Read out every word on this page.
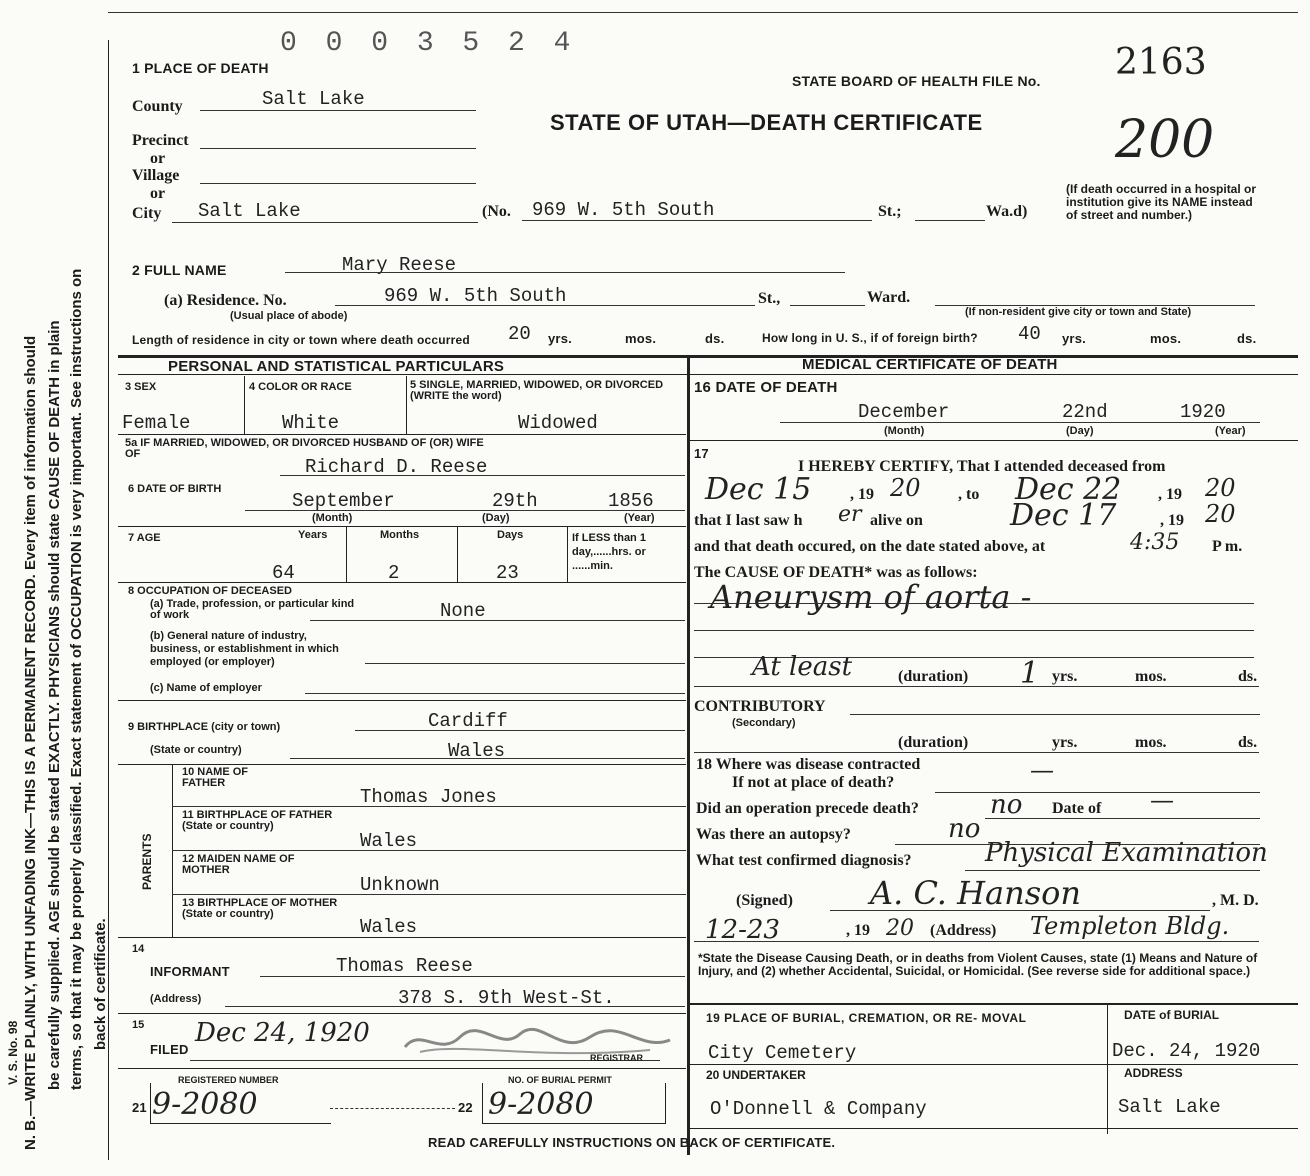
N. B.—WRITE PLAINLY, WITH UNFADING INK—THIS IS A PERMANENT RECORD. Every item of information should be carefully supplied. AGE should be stated EXACTLY. PHYSICIANS should state CAUSE OF DEATH in plain terms, so that it may be properly classified. Exact statement of OCCUPATION is very important. See instructions on back of certificate.
V. S. No. 98
0 0 0 3 5 2 4
1 PLACE OF DEATH
STATE BOARD OF HEALTH FILE No. 2163
STATE OF UTAH—DEATH CERTIFICATE	200
County	Salt Lake
Precinct
or
Village
or
City Salt Lake	(No. 969 W. 5th South	St.;	Wa.d)
(If death occurred in a hospital or institution give its NAME instead of street and number.)
2 FULL NAME	Mary Reese
(a) Residence. No.
(Usual place of abode)
969 W. 5th South	St.,	Ward.
(If non-resident give city or town and State)
Length of residence in city or town where death occurred 20 yrs.	mos.	ds.	How long in U. S., if of foreign birth? 40 yrs.	mos.	ds.
PERSONAL AND STATISTICAL PARTICULARS	MEDICAL CERTIFICATE OF DEATH
3 SEX
Female
4 COLOR OR RACE
White
5 SINGLE, MARRIED, WIDOWED, OR DIVORCED (WRITE the word)
Widowed
5a IF MARRIED, WIDOWED, OR DIVORCED HUSBAND OF (OR) WIFE OF
Richard D. Reese
6 DATE OF BIRTH
September	29th	1856
(Month)	(Day)	(Year)
7 AGE	Years	Months	Days
64	2	23
If LESS than 1 day,......hrs. or ......min.
8 OCCUPATION OF DECEASED
(a) Trade, profession, or particular kind of work	None
(b) General nature of industry, business, or establishment in which employed (or employer)
(c) Name of employer
9 BIRTHPLACE (city or town)	Cardiff
(State or country)	Wales
PARENTS
10 NAME OF FATHER
Thomas Jones
11 BIRTHPLACE OF FATHER (State or country)
Wales
12 MAIDEN NAME OF MOTHER
Unknown
13 BIRTHPLACE OF MOTHER (State or country)
Wales
14
INFORMANT	Thomas Reese
(Address)	378 S. 9th West-St.
15
FILED
Dec 24, 1920
REGISTRAR
REGISTERED NUMBER
21 9-2080
NO. OF BURIAL PERMIT
22 9-2080
READ CAREFULLY INSTRUCTIONS ON BACK OF CERTIFICATE.
16 DATE OF DEATH
December	22nd	1920
(Month)	(Day)	(Year)
17
I HEREBY CERTIFY, That I attended deceased from
Dec 15 , 19 20 , to Dec 22 , 19 20
that I last saw h er alive on	Dec 17	, 19 20
and that death occured, on the date stated above, at	4:35 P m.
The CAUSE OF DEATH* was as follows:
Aneurysm of aorta -
At least	(duration) 1 yrs.	mos.	ds.
CONTRIBUTORY
(Secondary)
(duration)	yrs.	mos.	ds.
18 Where was disease contracted
If not at place of death?	—
Did an operation precede death?	no Date of —
Was there an autopsy?	no
What test confirmed diagnosis?	Physical Examination
(Signed) A. C. Hanson	, M. D.
12-23	, 19 20 (Address) Templeton Bldg.
*State the Disease Causing Death, or in deaths from Violent Causes, state (1) Means and Nature of Injury, and (2) whether Accidental, Suicidal, or Homicidal. (See reverse side for additional space.)
19 PLACE OF BURIAL, CREMATION, OR RE- MOVAL
City Cemetery
DATE of BURIAL
Dec. 24, 1920
20 UNDERTAKER
O'Donnell & Company
ADDRESS
Salt Lake
